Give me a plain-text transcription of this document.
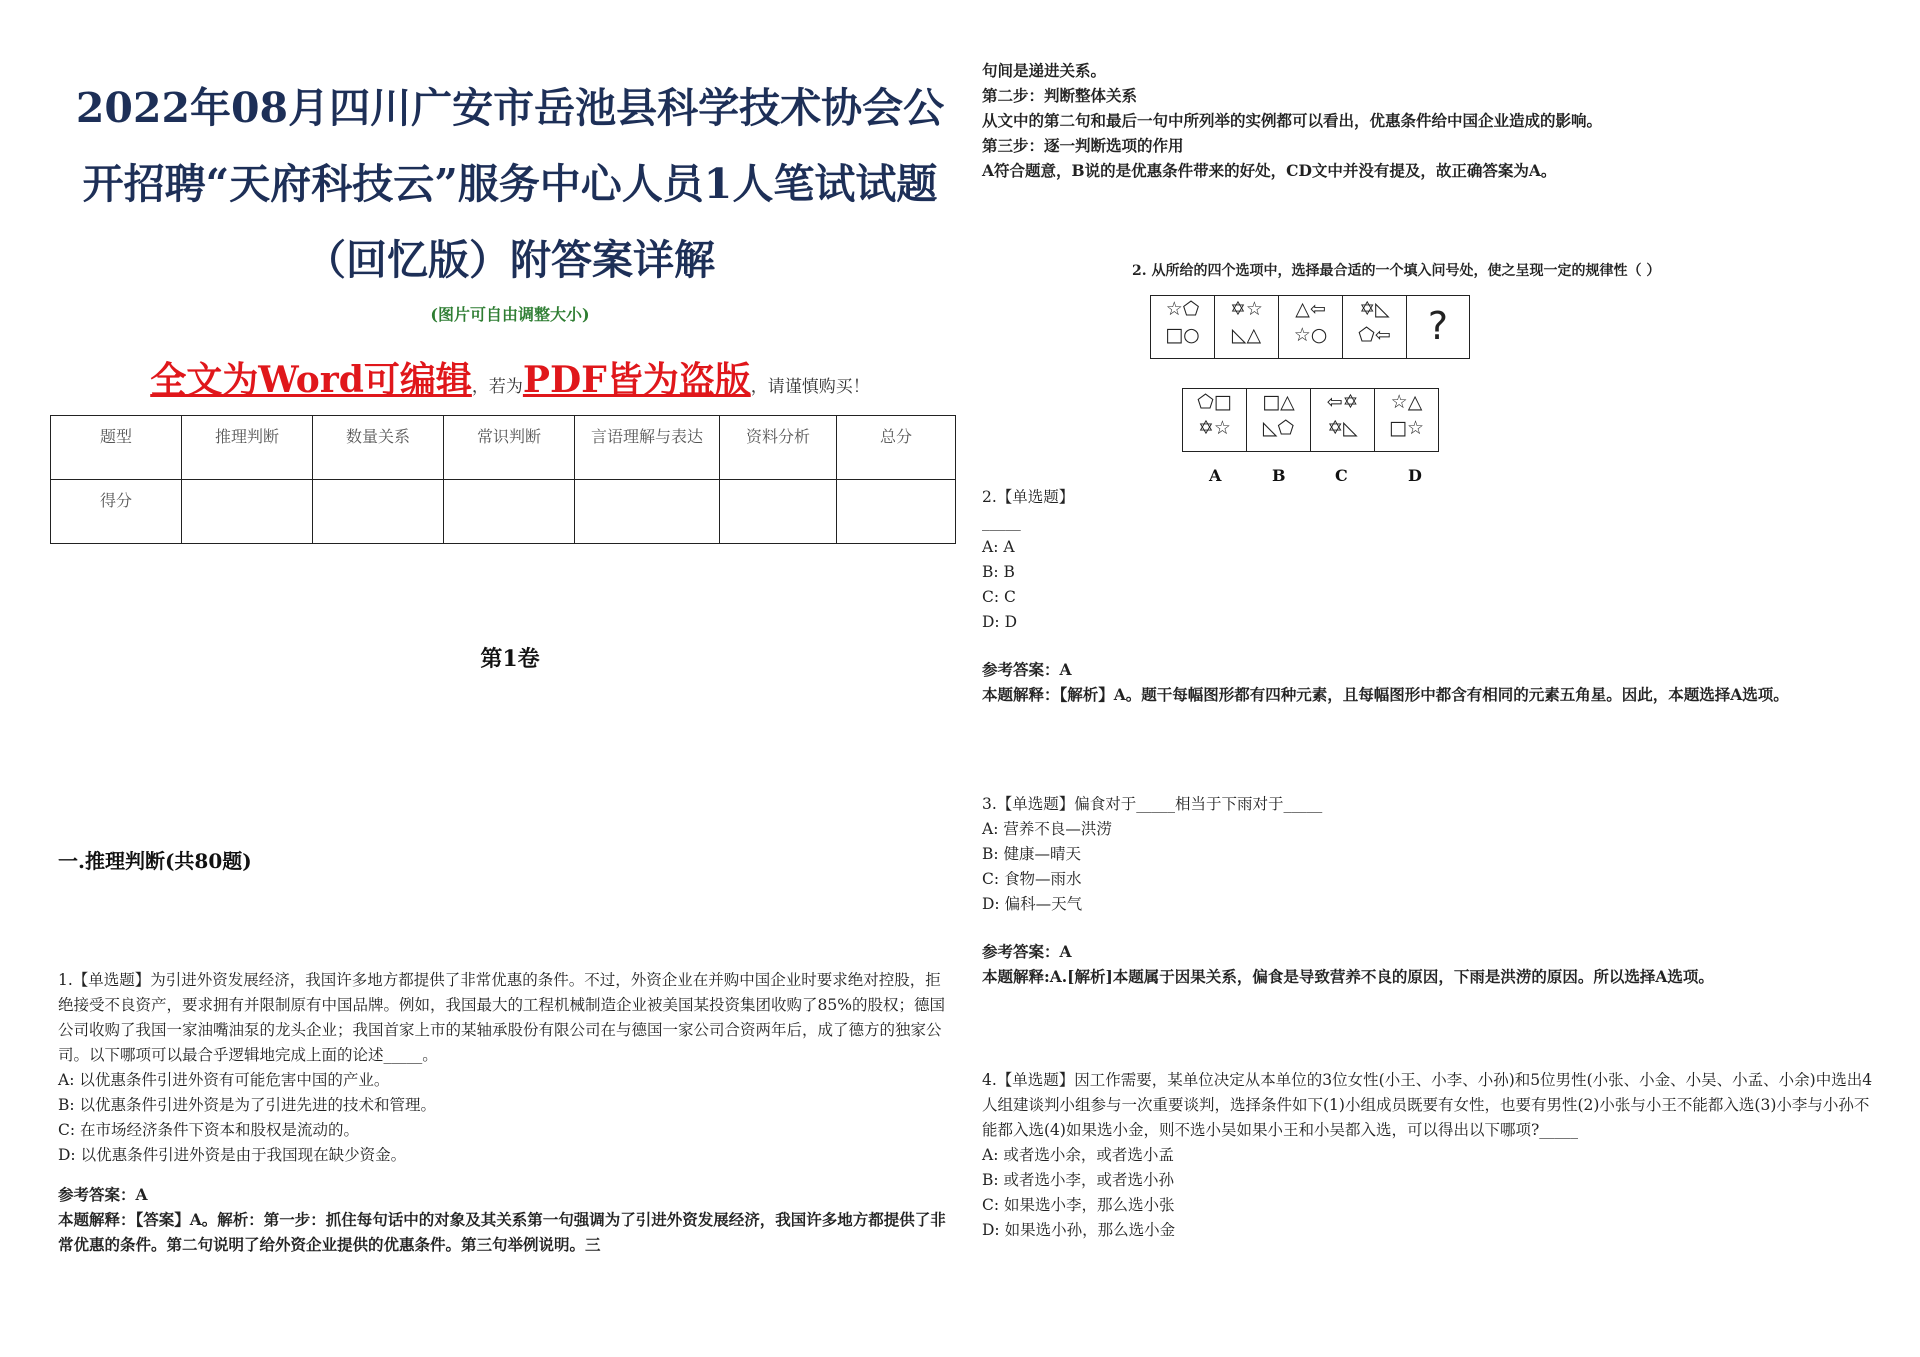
2022年08月四川广安市岳池县科学技术协会公开招聘“天府科技云”服务中心人员1人笔试试题（回忆版）附答案详解
(图片可自由调整大小)
全文为Word可编辑，若为PDF皆为盗版，请谨慎购买！
题型	推理判断	数量关系	常识判断	言语理解与表达	资料分析	总分
得分						
第1卷
一.推理判断(共80题)

1.【单选题】为引进外资发展经济，我国许多地方都提供了非常优惠的条件。不过，外资企业在并购中国企业时要求绝对控股，拒绝接受不良资产，要求拥有并限制原有中国品牌。例如，我国最大的工程机械制造企业被美国某投资集团收购了85%的股权；德国公司收购了我国一家油嘴油泵的龙头企业；我国首家上市的某轴承股份有限公司在与德国一家公司合资两年后，成了德方的独家公司。以下哪项可以最合乎逻辑地完成上面的论述_____。

A: 以优惠条件引进外资有可能危害中国的产业。

B: 以优惠条件引进外资是为了引进先进的技术和管理。

C: 在市场经济条件下资本和股权是流动的。

D: 以优惠条件引进外资是由于我国现在缺少资金。

参考答案：A

本题解释：【答案】A。解析：第一步：抓住每句话中的对象及其关系第一句强调为了引进外资发展经济，我国许多地方都提供了非常优惠的条件。第二句说明了给外资企业提供的优惠条件。第三句举例说明。三

句间是递进关系。

第二步：判断整体关系

从文中的第二句和最后一句中所列举的实例都可以看出，优惠条件给中国企业造成的影响。

第三步：逐一判断选项的作用

A符合题意，B说的是优惠条件带来的好处，CD文中并没有提及，故正确答案为A。

2. 从所给的四个选项中，选择最合适的一个填入问号处，使之呈现一定的规律性（ ）
☆⬠
□○
✡☆
◺△
△⇦
☆○
✡◺
⬠⇦ ?
⬠□
✡☆
□△
◺⬠
⇦✡
✡◺
☆△
□☆
A	B	C	D

2.【单选题】

_____

A: A

B: B

C: C

D: D

参考答案：A

本题解释：【解析】A。题干每幅图形都有四种元素，且每幅图形中都含有相同的元素五角星。因此，本题选择A选项。

3.【单选题】偏食对于_____相当于下雨对于_____

A: 营养不良—洪涝

B: 健康—晴天

C: 食物—雨水

D: 偏科—天气

参考答案：A

本题解释:A.[解析]本题属于因果关系，偏食是导致营养不良的原因，下雨是洪涝的原因。所以选择A选项。

4.【单选题】因工作需要，某单位决定从本单位的3位女性(小王、小李、小孙)和5位男性(小张、小金、小吴、小孟、小余)中选出4人组建谈判小组参与一次重要谈判，选择条件如下(1)小组成员既要有女性，也要有男性(2)小张与小王不能都入选(3)小李与小孙不能都入选(4)如果选小金，则不选小吴如果小王和小吴都入选，可以得出以下哪项?_____

A: 或者选小余，或者选小孟

B: 或者选小李，或者选小孙

C: 如果选小李，那么选小张

D: 如果选小孙，那么选小金
